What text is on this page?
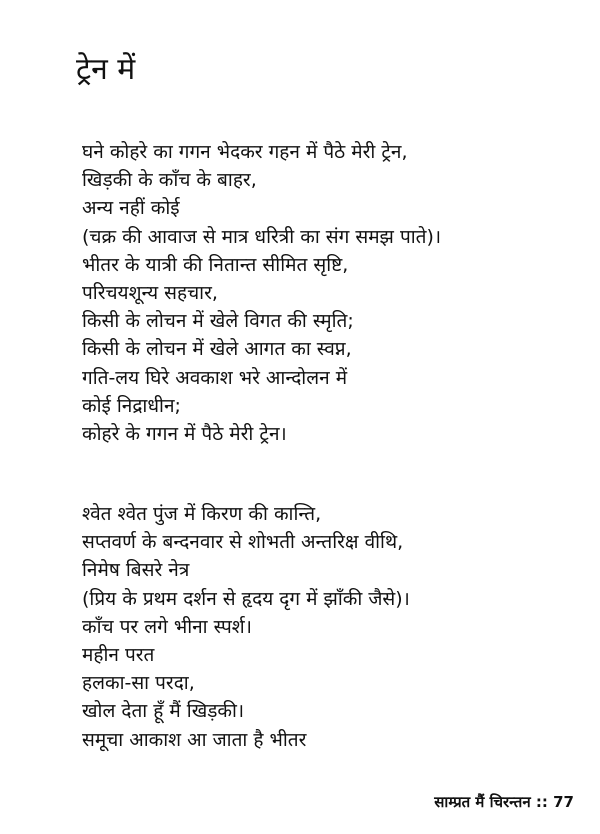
ट्रेन में
घने कोहरे का गगन भेदकर गहन में पैठे मेरी ट्रेन,
खिड़की के काँच के बाहर,
अन्य नहीं कोई
(चक्र की आवाज से मात्र धरित्री का संग समझ पाते)।
भीतर के यात्री की नितान्त सीमित सृष्टि,
परिचयशून्य सहचार,
किसी के लोचन में खेले विगत की स्मृति;
किसी के लोचन में खेले आगत का स्वप्न,
गति-लय घिरे अवकाश भरे आन्दोलन में
कोई निद्राधीन;
कोहरे के गगन में पैठे मेरी ट्रेन।
श्वेत श्वेत पुंज में किरण की कान्ति,
सप्तवर्ण के बन्दनवार से शोभती अन्तरिक्ष वीथि,
निमेष बिसरे नेत्र
(प्रिय के प्रथम दर्शन से हृदय दृग में झाँकी जैसे)।
काँच पर लगे भीना स्पर्श।
महीन परत
हलका-सा परदा,
खोल देता हूँ मैं खिड़की।
समूचा आकाश आ जाता है भीतर
साम्प्रत मैं चिरन्तन :: 77
